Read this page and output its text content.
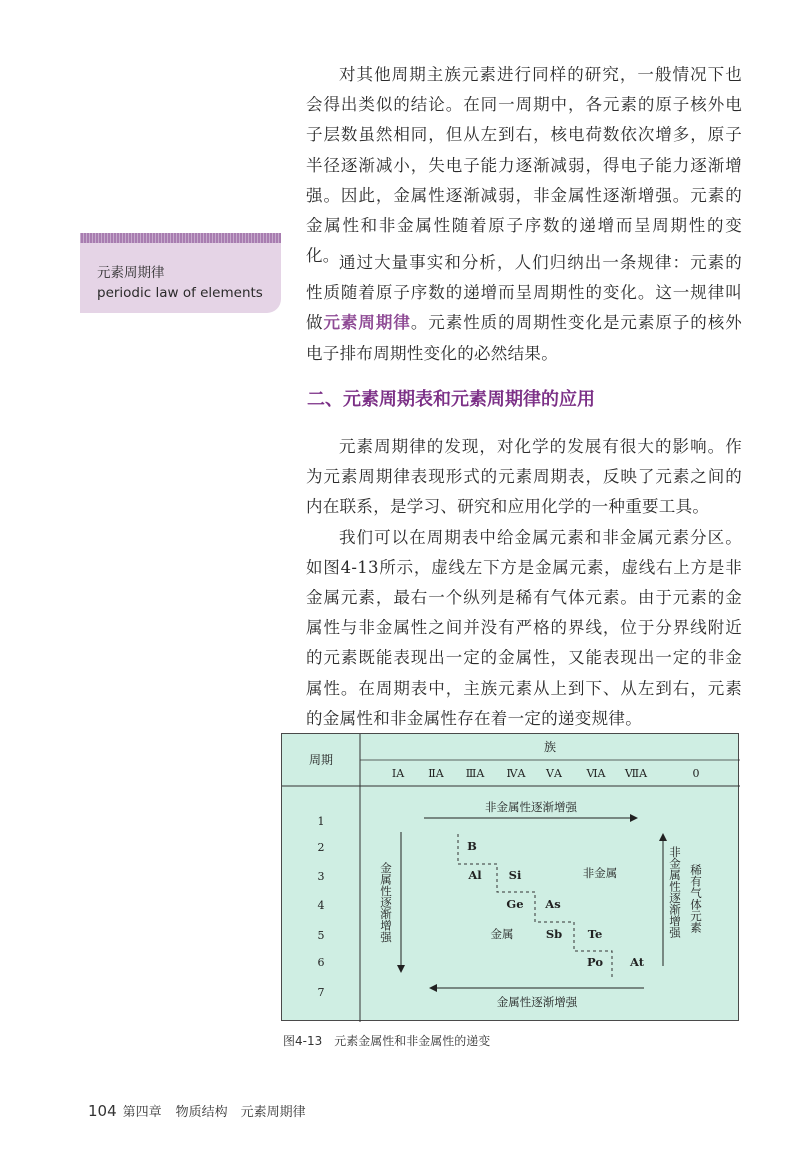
对其他周期主族元素进行同样的研究，一般情况下也会得出类似的结论。在同一周期中，各元素的原子核外电子层数虽然相同，但从左到右，核电荷数依次增多，原子半径逐渐减小，失电子能力逐渐减弱，得电子能力逐渐增强。因此，金属性逐渐减弱，非金属性逐渐增强。元素的金属性和非金属性随着原子序数的递增而呈周期性的变化。

元素周期律
periodic law of elements

通过大量事实和分析，人们归纳出一条规律：元素的性质随着原子序数的递增而呈周期性的变化。这一规律叫做元素周期律。元素性质的周期性变化是元素原子的核外电子排布周期性变化的必然结果。

二、元素周期表和元素周期律的应用

元素周期律的发现，对化学的发展有很大的影响。作为元素周期律表现形式的元素周期表，反映了元素之间的内在联系，是学习、研究和应用化学的一种重要工具。

我们可以在周期表中给金属元素和非金属元素分区。如图4-13所示，虚线左下方是金属元素，虚线右上方是非金属元素，最右一个纵列是稀有气体元素。由于元素的金属性与非金属性之间并没有严格的界线，位于分界线附近的元素既能表现出一定的金属性，又能表现出一定的非金属性。在周期表中，主族元素从上到下、从左到右，元素的金属性和非金属性存在着一定的递变规律。

周期
族
ⅠA ⅡA ⅢA ⅣA ⅤA ⅥA ⅦA	0
1
2
3
4
5
6
7
非金属性逐渐增强
金属性逐渐增强
金属性逐渐增强	非金属性逐渐增强 稀有气体元素
B
Al Si
Ge As
Sb Te
Po At
非金属
金属
图4-13　元素金属性和非金属性的递变
104 第四章 物质结构　元素周期律
